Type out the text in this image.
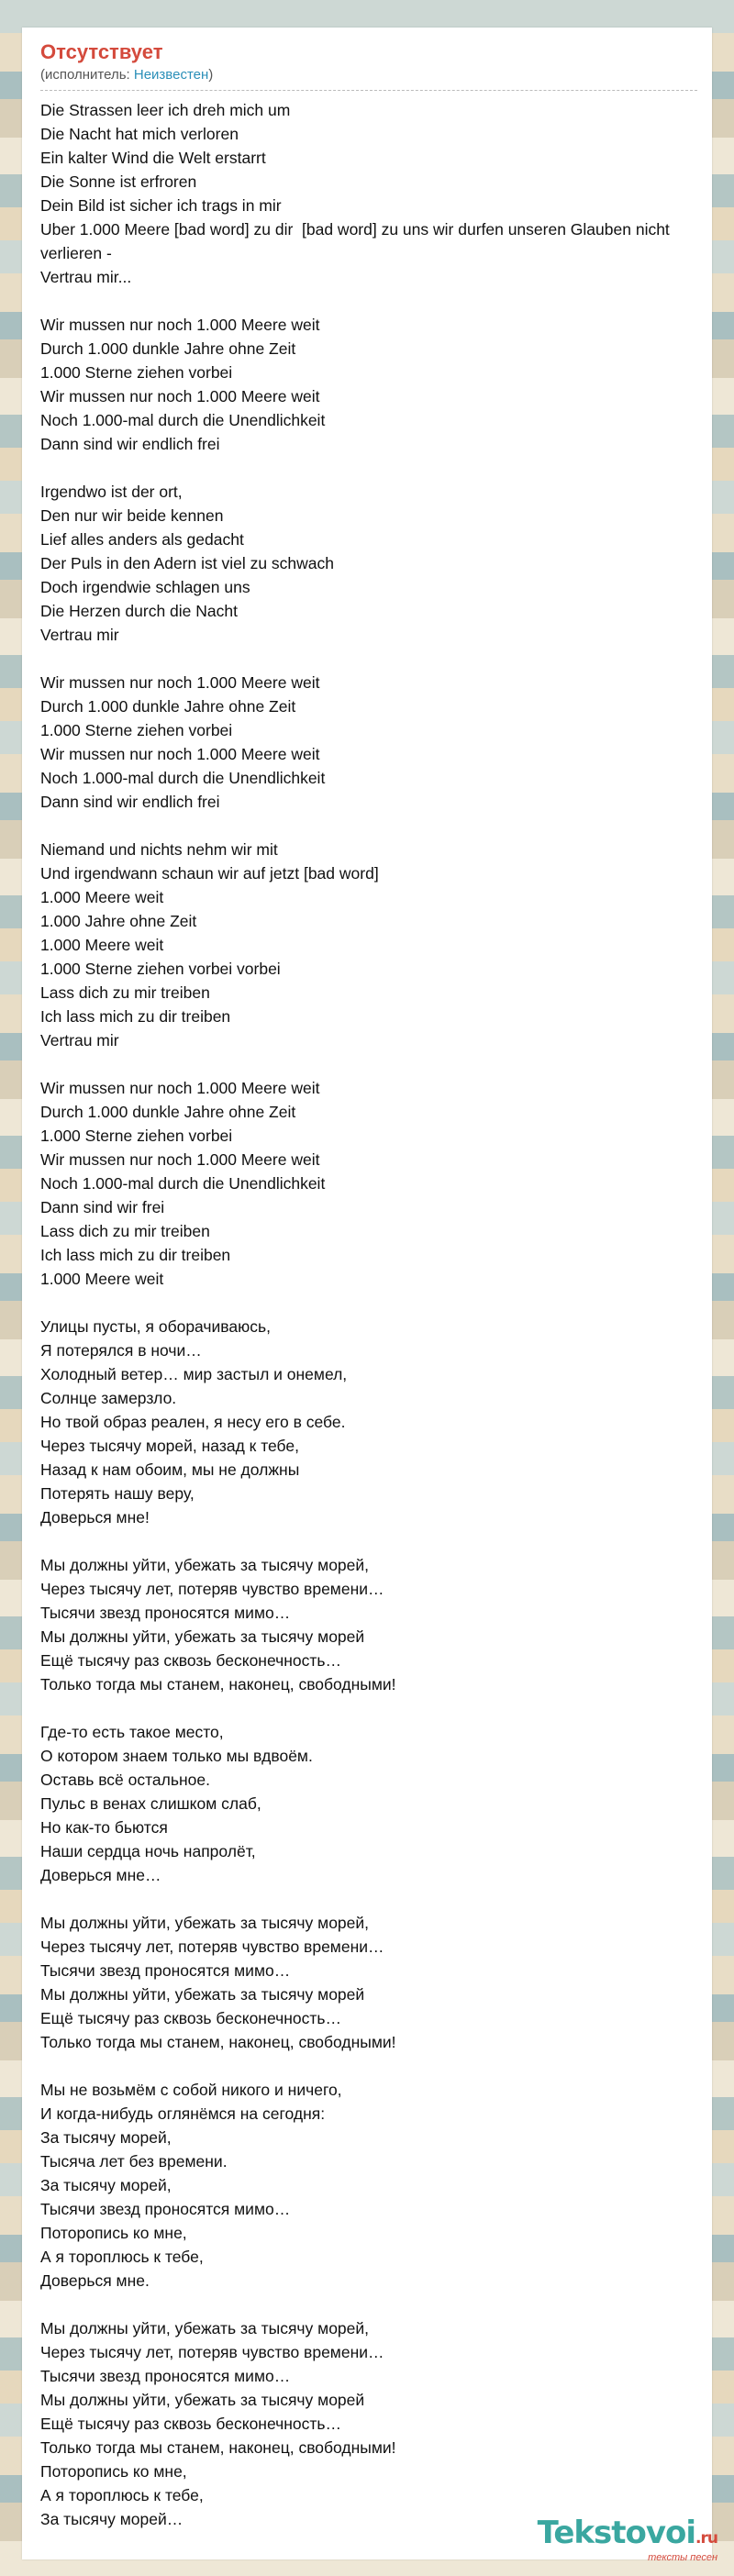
Отсутствует
(исполнитель: Неизвестен)
Die Strassen leer ich dreh mich um
Die Nacht hat mich verloren
Ein kalter Wind die Welt erstarrt
Die Sonne ist erfroren
Dein Bild ist sicher ich trags in mir
Uber 1.000 Meere [bad word] zu dir  [bad word] zu uns wir durfen unseren Glauben nicht verlieren -
Vertrau mir...
Wir mussen nur noch 1.000 Meere weit
Durch 1.000 dunkle Jahre ohne Zeit
1.000 Sterne ziehen vorbei
Wir mussen nur noch 1.000 Meere weit
Noch 1.000-mal durch die Unendlichkeit
Dann sind wir endlich frei
Irgendwo ist der ort,
Den nur wir beide kennen
Lief alles anders als gedacht
Der Puls in den Adern ist viel zu schwach
Doch irgendwie schlagen uns
Die Herzen durch die Nacht
Vertrau mir
Wir mussen nur noch 1.000 Meere weit
Durch 1.000 dunkle Jahre ohne Zeit
1.000 Sterne ziehen vorbei
Wir mussen nur noch 1.000 Meere weit
Noch 1.000-mal durch die Unendlichkeit
Dann sind wir endlich frei
Niemand und nichts nehm wir mit
Und irgendwann schaun wir auf jetzt [bad word]
1.000 Meere weit
1.000 Jahre ohne Zeit
1.000 Meere weit
1.000 Sterne ziehen vorbei vorbei
Lass dich zu mir treiben
Ich lass mich zu dir treiben
Vertrau mir
Wir mussen nur noch 1.000 Meere weit
Durch 1.000 dunkle Jahre ohne Zeit
1.000 Sterne ziehen vorbei
Wir mussen nur noch 1.000 Meere weit
Noch 1.000-mal durch die Unendlichkeit
Dann sind wir frei
Lass dich zu mir treiben
Ich lass mich zu dir treiben
1.000 Meere weit
Улицы пусты, я оборачиваюсь,
Я потерялся в ночи…
Холодный ветер… мир застыл и онемел,
Солнце замерзло.
Но твой образ реален, я несу его в себе.
Через тысячу морей, назад к тебе,
Назад к нам обоим, мы не должны
Потерять нашу веру,
Доверься мне!
Мы должны уйти, убежать за тысячу морей,
Через тысячу лет, потеряв чувство времени…
Тысячи звезд проносятся мимо…
Мы должны уйти, убежать за тысячу морей
Ещё тысячу раз сквозь бесконечность…
Только тогда мы станем, наконец, свободными!
Где-то есть такое место,
О котором знаем только мы вдвоём.
Оставь всё остальное.
Пульс в венах слишком слаб,
Но как-то бьются
Наши сердца ночь напролёт,
Доверься мне…
Мы должны уйти, убежать за тысячу морей,
Через тысячу лет, потеряв чувство времени…
Тысячи звезд проносятся мимо…
Мы должны уйти, убежать за тысячу морей
Ещё тысячу раз сквозь бесконечность…
Только тогда мы станем, наконец, свободными!
Мы не возьмём с собой никого и ничего,
И когда-нибудь оглянёмся на сегодня:
За тысячу морей,
Тысяча лет без времени.
За тысячу морей,
Тысячи звезд проносятся мимо…
Поторопись ко мне,
А я тороплюсь к тебе,
Доверься мне.
Мы должны уйти, убежать за тысячу морей,
Через тысячу лет, потеряв чувство времени…
Тысячи звезд проносятся мимо…
Мы должны уйти, убежать за тысячу морей
Ещё тысячу раз сквозь бесконечность…
Только тогда мы станем, наконец, свободными!
Поторопись ко мне,
А я тороплюсь к тебе,
За тысячу морей…	Tekstovoi.ru
тексты песен
